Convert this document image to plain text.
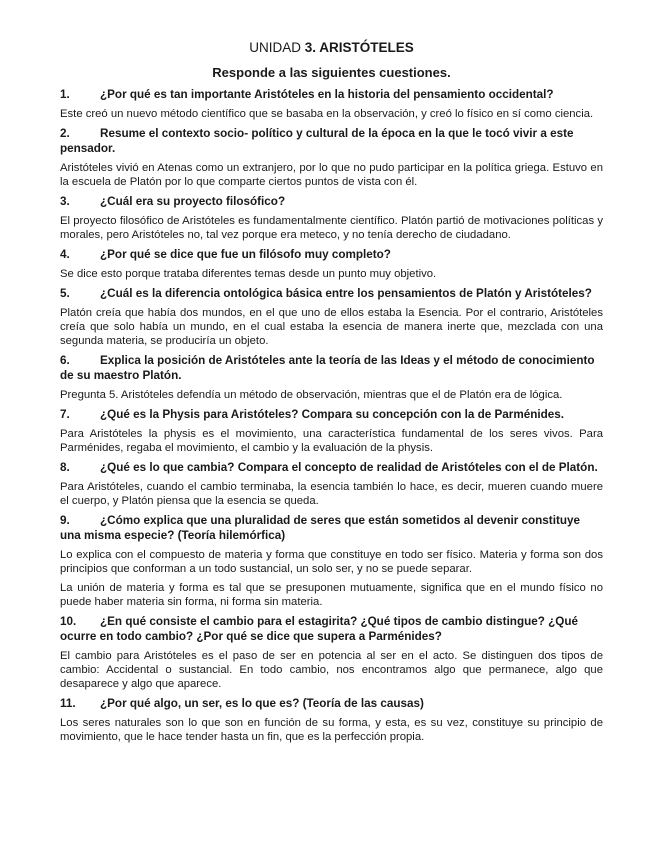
UNIDAD 3. ARISTÓTELES
Responde a las siguientes cuestiones.
1.	¿Por qué es tan importante Aristóteles en la historia del pensamiento occidental?
Este creó un nuevo método científico que se basaba en la observación, y creó lo físico en sí como ciencia.
2.	Resume el contexto socio- político y cultural de la época en la que le tocó vivir a este pensador.
Aristóteles vivió en Atenas como un extranjero, por lo que no pudo participar en la política griega. Estuvo en la escuela de Platón por lo que comparte ciertos puntos de vista con él.
3.	¿Cuál era su proyecto filosófico?
El proyecto filosófico de Aristóteles es fundamentalmente científico. Platón partió de motivaciones políticas y morales, pero Aristóteles no, tal vez porque era meteco, y no tenía derecho de ciudadano.
4.	¿Por qué se dice que fue un filósofo muy completo?
Se dice esto porque trataba diferentes temas desde un punto muy objetivo.
5.	¿Cuál es la diferencia ontológica básica entre los pensamientos de Platón y Aristóteles?
Platón creía que había dos mundos, en el que uno de ellos estaba la Esencia. Por el contrario, Aristóteles creía que solo había un mundo, en el cual estaba la esencia de manera inerte que, mezclada con una segunda materia, se produciría un objeto.
6.	Explica la posición de Aristóteles ante la teoría de las Ideas y el método de conocimiento de su maestro Platón.
Pregunta 5. Aristóteles defendía un método de observación, mientras que el de Platón era de lógica.
7.	¿Qué es la Physis para Aristóteles? Compara su concepción con la de Parménides.
Para Aristóteles la physis es el movimiento, una característica fundamental de los seres vivos. Para Parménides, regaba el movimiento, el cambio y la evaluación de la physis.
8.	¿Qué es lo que cambia? Compara el concepto de realidad de Aristóteles con el de Platón.
Para Aristóteles, cuando el cambio terminaba, la esencia también lo hace, es decir, mueren cuando muere el cuerpo, y Platón piensa que la esencia se queda.
9.	¿Cómo explica que una pluralidad de seres que están sometidos al devenir constituye una misma especie? (Teoría hilemórfica)
Lo explica con el compuesto de materia y forma que constituye en todo ser físico. Materia y forma son dos principios que conforman a un todo sustancial, un solo ser, y no se puede separar.
La unión de materia y forma es tal que se presuponen mutuamente, significa que en el mundo físico no puede haber materia sin forma, ni forma sin materia.
10. ¿En qué consiste el cambio para el estagirita? ¿Qué tipos de cambio distingue? ¿Qué ocurre en todo cambio? ¿Por qué se dice que supera a Parménides?
El cambio para Aristóteles es el paso de ser en potencia al ser en el acto. Se distinguen dos tipos de cambio: Accidental o sustancial. En todo cambio, nos encontramos algo que permanece, algo que desaparece y algo que aparece.
11. ¿Por qué algo, un ser, es lo que es? (Teoría de las causas)
Los seres naturales son lo que son en función de su forma, y esta, es su vez, constituye su principio de movimiento, que le hace tender hasta un fin, que es la perfección propia.
